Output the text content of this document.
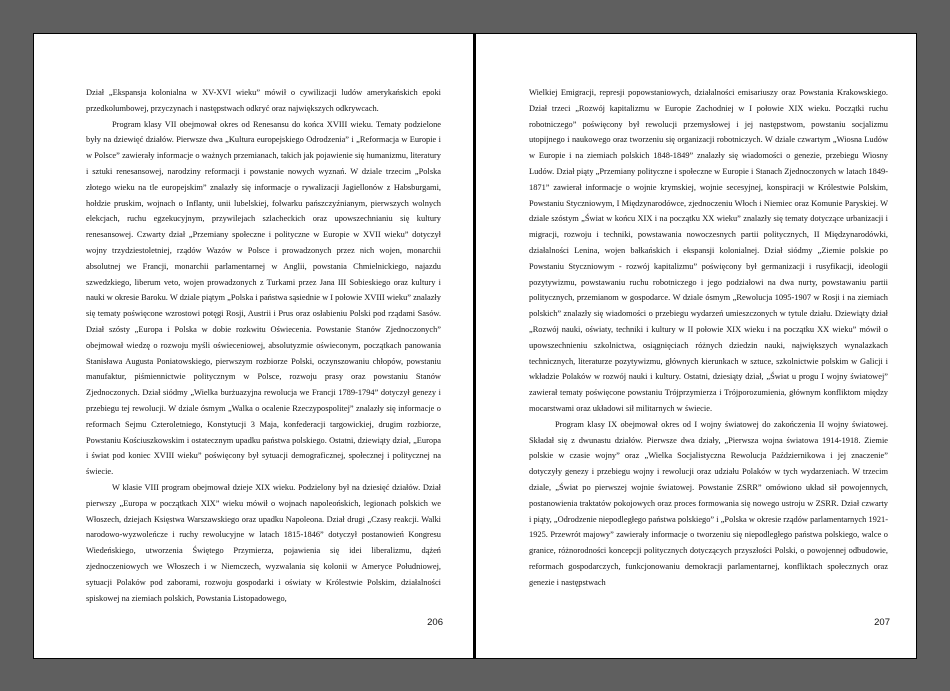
Dział „Ekspansja kolonialna w XV-XVI wieku” mówił o cywilizacji ludów amerykańskich epoki przedkolumbowej, przyczynach i następstwach odkryć oraz największych odkrywcach.

Program klasy VII obejmował okres od Renesansu do końca XVIII wieku. Tematy podzielone były na dziewięć działów. Pierwsze dwa „Kultura europejskiego Odrodzenia” i „Reformacja w Europie i w Polsce” zawierały informacje o ważnych przemianach, takich jak pojawienie się humanizmu, literatury i sztuki renesansowej, narodziny reformacji i powstanie nowych wyznań. W dziale trzecim „Polska złotego wieku na tle europejskim” znalazły się informacje o rywalizacji Jagiellonów z Habsburgami, hołdzie pruskim, wojnach o Inflanty, unii lubelskiej, folwarku pańszczyźnianym, pierwszych wolnych elekcjach, ruchu egzekucyjnym, przywilejach szlacheckich oraz upowszechnianiu się kultury renesansowej. Czwarty dział „Przemiany społeczne i polityczne w Europie w XVII wieku” dotyczył wojny trzydziestoletniej, rządów Wazów w Polsce i prowadzonych przez nich wojen, monarchii absolutnej we Francji, monarchii parlamentarnej w Anglii, powstania Chmielnickiego, najazdu szwedzkiego, liberum veto, wojen prowadzonych z Turkami przez Jana III Sobieskiego oraz kultury i nauki w okresie Baroku. W dziale piątym „Polska i państwa sąsiednie w I połowie XVIII wieku” znalazły się tematy poświęcone wzrostowi potęgi Rosji, Austrii i Prus oraz osłabieniu Polski pod rządami Sasów. Dział szósty „Europa i Polska w dobie rozkwitu Oświecenia. Powstanie Stanów Zjednoczonych” obejmował wiedzę o rozwoju myśli oświeceniowej, absolutyzmie oświeconym, początkach panowania Stanisława Augusta Poniatowskiego, pierwszym rozbiorze Polski, oczynszowaniu chłopów, powstaniu manufaktur, piśmiennictwie politycznym w Polsce, rozwoju prasy oraz powstaniu Stanów Zjednoczonych. Dział siódmy „Wielka burżuazyjna rewolucja we Francji 1789-1794” dotyczył genezy i przebiegu tej rewolucji. W dziale ósmym „Walka o ocalenie Rzeczypospolitej” znalazły się informacje o reformach Sejmu Czteroletniego, Konstytucji 3 Maja, konfederacji targowickiej, drugim rozbiorze, Powstaniu Kościuszkowskim i ostatecznym upadku państwa polskiego. Ostatni, dziewiąty dział, „Europa i świat pod koniec XVIII wieku” poświęcony był sytuacji demograficznej, społecznej i politycznej na świecie.

W klasie VIII program obejmował dzieje XIX wieku. Podzielony był na dziesięć działów. Dział pierwszy „Europa w początkach XIX” wieku mówił o wojnach napoleońskich, legionach polskich we Włoszech, dziejach Księstwa Warszawskiego oraz upadku Napoleona. Dział drugi „Czasy reakcji. Walki narodowo-wyzwoleńcze i ruchy rewolucyjne w latach 1815-1846” dotyczył postanowień Kongresu Wiedeńskiego, utworzenia Świętego Przymierza, pojawienia się idei liberalizmu, dążeń zjednoczeniowych we Włoszech i w Niemczech, wyzwalania się kolonii w Ameryce Południowej, sytuacji Polaków pod zaborami, rozwoju gospodarki i oświaty w Królestwie Polskim, działalności spiskowej na ziemiach polskich, Powstania Listopadowego,

206

Wielkiej Emigracji, represji popowstaniowych, działalności emisariuszy oraz Powstania Krakowskiego. Dział trzeci „Rozwój kapitalizmu w Europie Zachodniej w I połowie XIX wieku. Początki ruchu robotniczego” poświęcony był rewolucji przemysłowej i jej następstwom, powstaniu socjalizmu utopijnego i naukowego oraz tworzeniu się organizacji robotniczych. W dziale czwartym „Wiosna Ludów w Europie i na ziemiach polskich 1848-1849” znalazły się wiadomości o genezie, przebiegu Wiosny Ludów. Dział piąty „Przemiany polityczne i społeczne w Europie i Stanach Zjednoczonych w latach 1849-1871” zawierał informacje o wojnie krymskiej, wojnie secesyjnej, konspiracji w Królestwie Polskim, Powstaniu Styczniowym, I Międzynarodówce, zjednoczeniu Włoch i Niemiec oraz Komunie Paryskiej. W dziale szóstym „Świat w końcu XIX i na początku XX wieku” znalazły się tematy dotyczące urbanizacji i migracji, rozwoju i techniki, powstawania nowoczesnych partii politycznych, II Międzynarodówki, działalności Lenina, wojen bałkańskich i ekspansji kolonialnej. Dział siódmy „Ziemie polskie po Powstaniu Styczniowym - rozwój kapitalizmu” poświęcony był germanizacji i rusyfikacji, ideologii pozytywizmu, powstawaniu ruchu robotniczego i jego podziałowi na dwa nurty, powstawaniu partii politycznych, przemianom w gospodarce. W dziale ósmym „Rewolucja 1095-1907 w Rosji i na ziemiach polskich” znalazły się wiadomości o przebiegu wydarzeń umieszczonych w tytule działu. Dziewiąty dział „Rozwój nauki, oświaty, techniki i kultury w II połowie XIX wieku i na początku XX wieku” mówił o upowszechnieniu szkolnictwa, osiągnięciach różnych dziedzin nauki, największych wynalazkach technicznych, literaturze pozytywizmu, głównych kierunkach w sztuce, szkolnictwie polskim w Galicji i wkładzie Polaków w rozwój nauki i kultury. Ostatni, dziesiąty dział, „Świat u progu I wojny światowej” zawierał tematy poświęcone powstaniu Trójprzymierza i Trójporozumienia, głównym konfliktom między mocarstwami oraz układowi sił militarnych w świecie.

Program klasy IX obejmował okres od I wojny światowej do zakończenia II wojny światowej. Składał się z dwunastu działów. Pierwsze dwa działy, „Pierwsza wojna światowa 1914-1918. Ziemie polskie w czasie wojny” oraz „Wielka Socjalistyczna Rewolucja Październikowa i jej znaczenie” dotyczyły genezy i przebiegu wojny i rewolucji oraz udziału Polaków w tych wydarzeniach. W trzecim dziale, „Świat po pierwszej wojnie światowej. Powstanie ZSRR” omówiono układ sił powojennych, postanowienia traktatów pokojowych oraz proces formowania się nowego ustroju w ZSRR. Dział czwarty i piąty, „Odrodzenie niepodległego państwa polskiego” i „Polska w okresie rządów parlamentarnych 1921-1925. Przewrót majowy” zawierały informacje o tworzeniu się niepodległego państwa polskiego, walce o granice, różnorodności koncepcji politycznych dotyczących przyszłości Polski, o powojennej odbudowie, reformach gospodarczych, funkcjonowaniu demokracji parlamentarnej, konfliktach społecznych oraz genezie i następstwach

207
